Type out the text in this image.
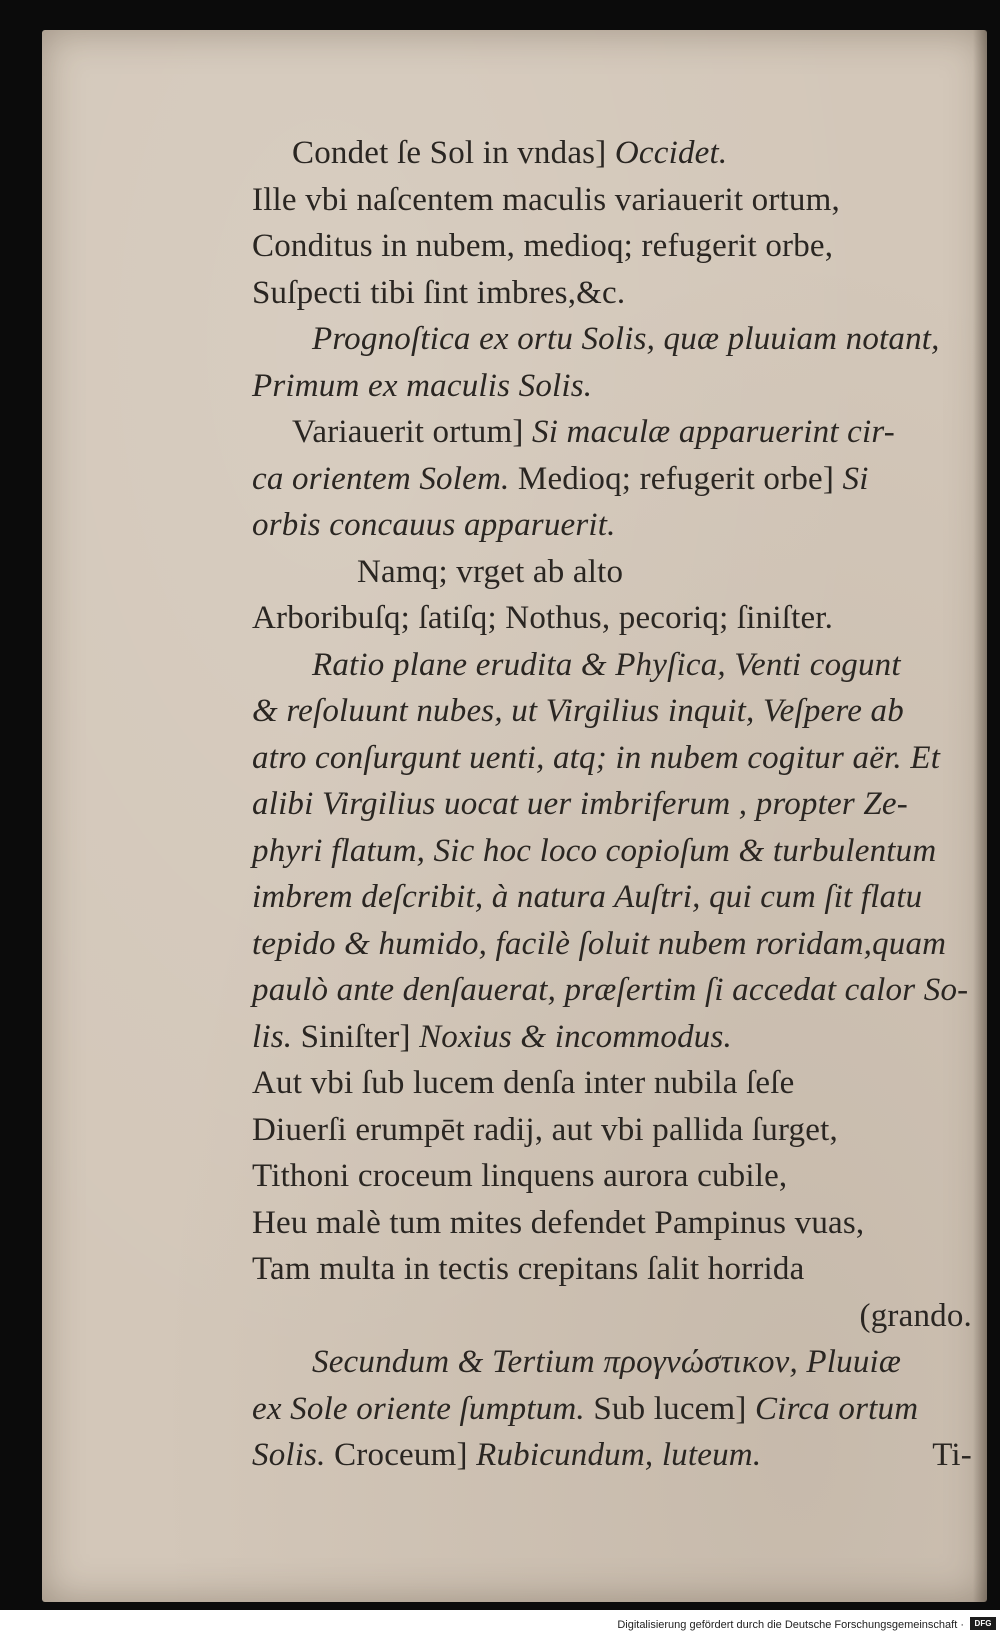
Condet ſe Sol in vndas] Occidet.
Ille vbi naſcentem maculis variauerit ortum,
Conditus in nubem, medioq; refugerit orbe,
Suſpecti tibi ſint imbres,&c.
Prognoſtica ex ortu Solis, quæ pluuiam notant,
Primum ex maculis Solis.
Variauerit ortum] Si maculæ apparuerint cir-
ca orientem Solem. Medioq; refugerit orbe] Si
orbis concauus apparuerit.
Namq; vrget ab alto
Arboribuſq; ſatiſq; Nothus, pecoriq; ſiniſter.
Ratio plane erudita & Phyſica, Venti cogunt
& reſoluunt nubes, ut Virgilius inquit, Veſpere ab
atro conſurgunt uenti, atq; in nubem cogitur aër. Et
alibi Virgilius uocat uer imbriferum , propter Ze-
phyri flatum, Sic hoc loco copioſum & turbulentum
imbrem deſcribit, à natura Auſtri, qui cum ſit flatu
tepido & humido, facilè ſoluit nubem roridam,quam
paulò ante denſauerat, præſertim ſi accedat calor So-
lis. Siniſter] Noxius & incommodus.
Aut vbi ſub lucem denſa inter nubila ſeſe
Diuerſi erumpēt radij, aut vbi pallida ſurget,
Tithoni croceum linquens aurora cubile,
Heu malè tum mites defendet Pampinus vuas,
Tam multa in tectis crepitans ſalit horrida
(grando.
Secundum & Tertium προγνώστικον, Pluuiæ
ex Sole oriente ſumptum. Sub lucem] Circa ortum
Solis. Croceum] Rubicundum, luteum.	Ti-
Digitalisierung gefördert durch die Deutsche Forschungsgemeinschaft ·	DFG
